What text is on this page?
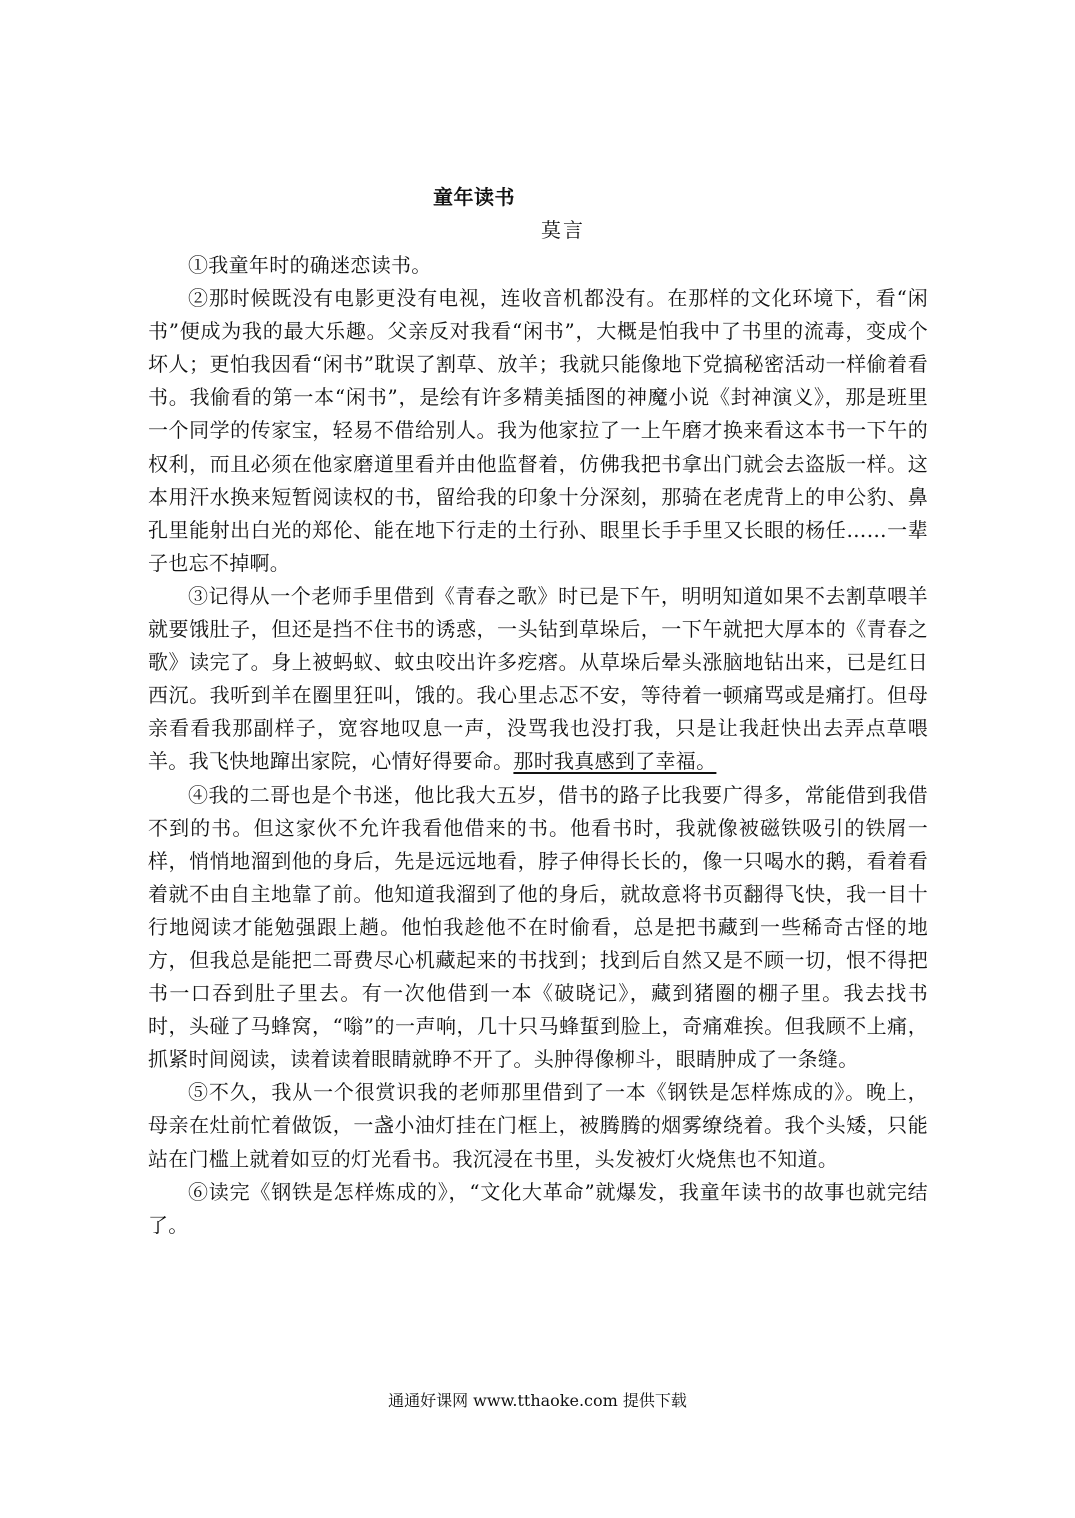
童年读书
莫言

①我童年时的确迷恋读书。

②那时候既没有电影更没有电视，连收音机都没有。在那样的文化环境下，看“闲书”便成为我的最大乐趣。父亲反对我看“闲书”，大概是怕我中了书里的流毒，变成个坏人；更怕我因看“闲书”耽误了割草、放羊；我就只能像地下党搞秘密活动一样偷着看书。我偷看的第一本“闲书”，是绘有许多精美插图的神魔小说《封神演义》，那是班里一个同学的传家宝，轻易不借给别人。我为他家拉了一上午磨才换来看这本书一下午的权利，而且必须在他家磨道里看并由他监督着，仿佛我把书拿出门就会去盗版一样。这本用汗水换来短暂阅读权的书，留给我的印象十分深刻，那骑在老虎背上的申公豹、鼻孔里能射出白光的郑伦、能在地下行走的土行孙、眼里长手手里又长眼的杨任……一辈子也忘不掉啊。

③记得从一个老师手里借到《青春之歌》时已是下午，明明知道如果不去割草喂羊就要饿肚子，但还是挡不住书的诱惑，一头钻到草垛后，一下午就把大厚本的《青春之歌》读完了。身上被蚂蚁、蚊虫咬出许多疙瘩。从草垛后晕头涨脑地钻出来，已是红日西沉。我听到羊在圈里狂叫，饿的。我心里忐忑不安，等待着一顿痛骂或是痛打。但母亲看看我那副样子，宽容地叹息一声，没骂我也没打我，只是让我赶快出去弄点草喂羊。我飞快地蹿出家院，心情好得要命。那时我真感到了幸福。

④我的二哥也是个书迷，他比我大五岁，借书的路子比我要广得多，常能借到我借不到的书。但这家伙不允许我看他借来的书。他看书时，我就像被磁铁吸引的铁屑一样，悄悄地溜到他的身后，先是远远地看，脖子伸得长长的，像一只喝水的鹅，看着看着就不由自主地靠了前。他知道我溜到了他的身后，就故意将书页翻得飞快，我一目十行地阅读才能勉强跟上趟。他怕我趁他不在时偷看，总是把书藏到一些稀奇古怪的地方，但我总是能把二哥费尽心机藏起来的书找到；找到后自然又是不顾一切，恨不得把书一口吞到肚子里去。有一次他借到一本《破晓记》，藏到猪圈的棚子里。我去找书时，头碰了马蜂窝，“嗡”的一声响，几十只马蜂蜇到脸上，奇痛难挨。但我顾不上痛，抓紧时间阅读，读着读着眼睛就睁不开了。头肿得像柳斗，眼睛肿成了一条缝。

⑤不久，我从一个很赏识我的老师那里借到了一本《钢铁是怎样炼成的》。晚上，母亲在灶前忙着做饭，一盏小油灯挂在门框上，被腾腾的烟雾缭绕着。我个头矮，只能站在门槛上就着如豆的灯光看书。我沉浸在书里，头发被灯火烧焦也不知道。

⑥读完《钢铁是怎样炼成的》，“文化大革命”就爆发，我童年读书的故事也就完结了。

通通好课网 www.tthaoke.com 提供下载
